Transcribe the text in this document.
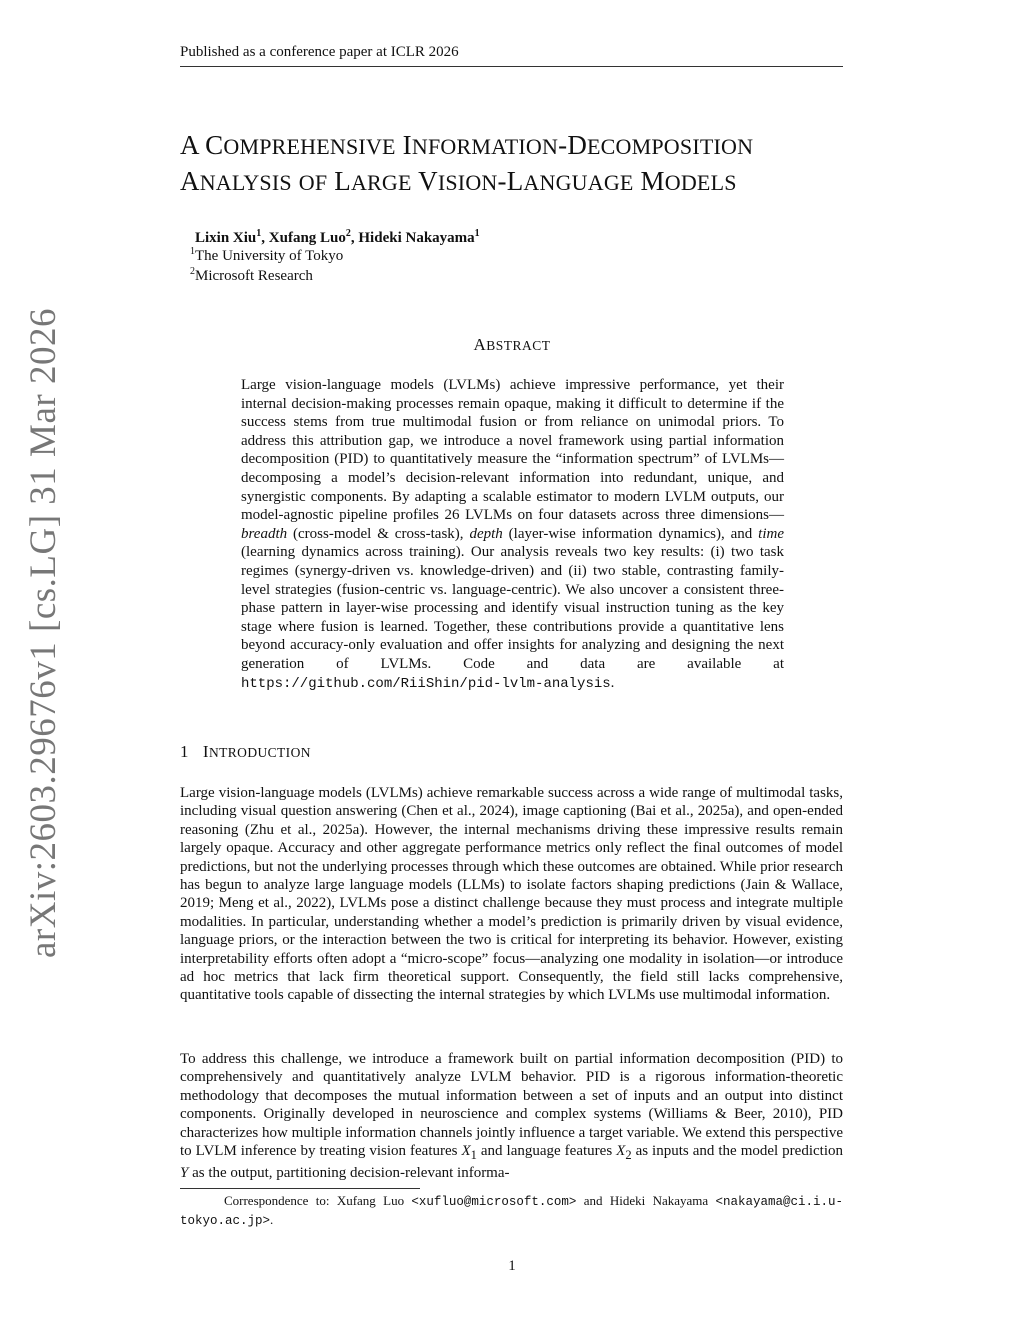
arXiv:2603.29676v1 [cs.LG] 31 Mar 2026
Published as a conference paper at ICLR 2026
A COMPREHENSIVE INFORMATION-DECOMPOSITION
ANALYSIS OF LARGE VISION-LANGUAGE MODELS
Lixin Xiu$^1$, Xufang Luo$^2$, Hideki Nakayama$^1$
$^1$The University of Tokyo
$^2$Microsoft Research
ABSTRACT
Large vision-language models (LVLMs) achieve impressive performance, yet their internal decision-making processes remain opaque, making it difficult to determine if the success stems from true multimodal fusion or from reliance on unimodal priors. To address this attribution gap, we introduce a novel framework using partial information decomposition (PID) to quantitatively measure the “information spectrum” of LVLMs—decomposing a model’s decision-relevant information into redundant, unique, and synergistic components. By adapting a scalable estimator to modern LVLM outputs, our model-agnostic pipeline profiles 26 LVLMs on four datasets across three dimensions—breadth (cross-model & cross-task), depth (layer-wise information dynamics), and time (learning dynamics across training). Our analysis reveals two key results: (i) two task regimes (synergy-driven vs. knowledge-driven) and (ii) two stable, contrasting family-level strategies (fusion-centric vs. language-centric). We also uncover a consistent three-phase pattern in layer-wise processing and identify visual instruction tuning as the key stage where fusion is learned. Together, these contributions provide a quantitative lens beyond accuracy-only evaluation and offer insights for analyzing and designing the next generation of LVLMs. Code and data are available at https://github.com/RiiShin/pid-lvlm-analysis.
1 INTRODUCTION
Large vision-language models (LVLMs) achieve remarkable success across a wide range of multimodal tasks, including visual question answering (Chen et al., 2024), image captioning (Bai et al., 2025a), and open-ended reasoning (Zhu et al., 2025a). However, the internal mechanisms driving these impressive results remain largely opaque. Accuracy and other aggregate performance metrics only reflect the final outcomes of model predictions, but not the underlying processes through which these outcomes are obtained. While prior research has begun to analyze large language models (LLMs) to isolate factors shaping predictions (Jain & Wallace, 2019; Meng et al., 2022), LVLMs pose a distinct challenge because they must process and integrate multiple modalities. In particular, understanding whether a model’s prediction is primarily driven by visual evidence, language priors, or the interaction between the two is critical for interpreting its behavior. However, existing interpretability efforts often adopt a “micro-scope” focus—analyzing one modality in isolation—or introduce ad hoc metrics that lack firm theoretical support. Consequently, the field still lacks comprehensive, quantitative tools capable of dissecting the internal strategies by which LVLMs use multimodal information.
To address this challenge, we introduce a framework built on partial information decomposition (PID) to comprehensively and quantitatively analyze LVLM behavior. PID is a rigorous information-theoretic methodology that decomposes the mutual information between a set of inputs and an output into distinct components. Originally developed in neuroscience and complex systems (Williams & Beer, 2010), PID characterizes how multiple information channels jointly influence a target variable. We extend this perspective to LVLM inference by treating vision features $X_1$ and language features $X_2$ as inputs and the model prediction Y as the output, partitioning decision-relevant informa-
Correspondence to: Xufang Luo <xufluo@microsoft.com> and Hideki Nakayama <nakayama@ci.i.u-tokyo.ac.jp>.
1
